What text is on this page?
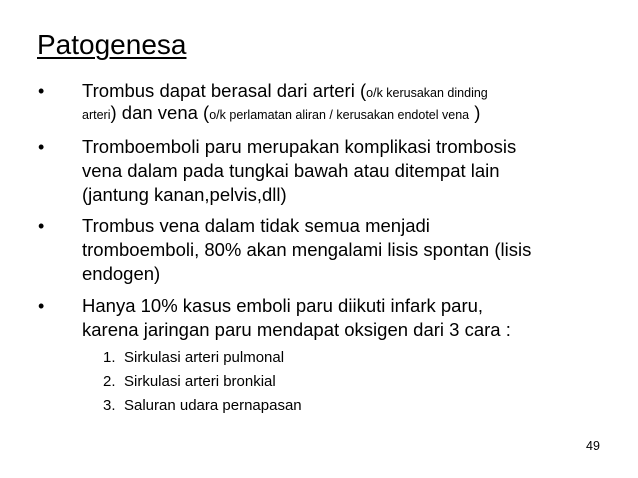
Patogenesa
• Trombus dapat berasal dari arteri (o/k kerusakan dinding
arteri) dan vena (o/k perlamatan aliran / kerusakan endotel vena )
• Tromboemboli paru merupakan komplikasi trombosis
vena dalam pada tungkai bawah atau ditempat lain
(jantung kanan,pelvis,dll)
• Trombus vena dalam tidak semua menjadi
tromboemboli, 80% akan mengalami lisis spontan (lisis
endogen)
• Hanya 10% kasus emboli paru diikuti infark paru,
karena jaringan paru mendapat oksigen dari 3 cara :
1. Sirkulasi arteri pulmonal
2. Sirkulasi arteri bronkial
3. Saluran udara pernapasan
49
